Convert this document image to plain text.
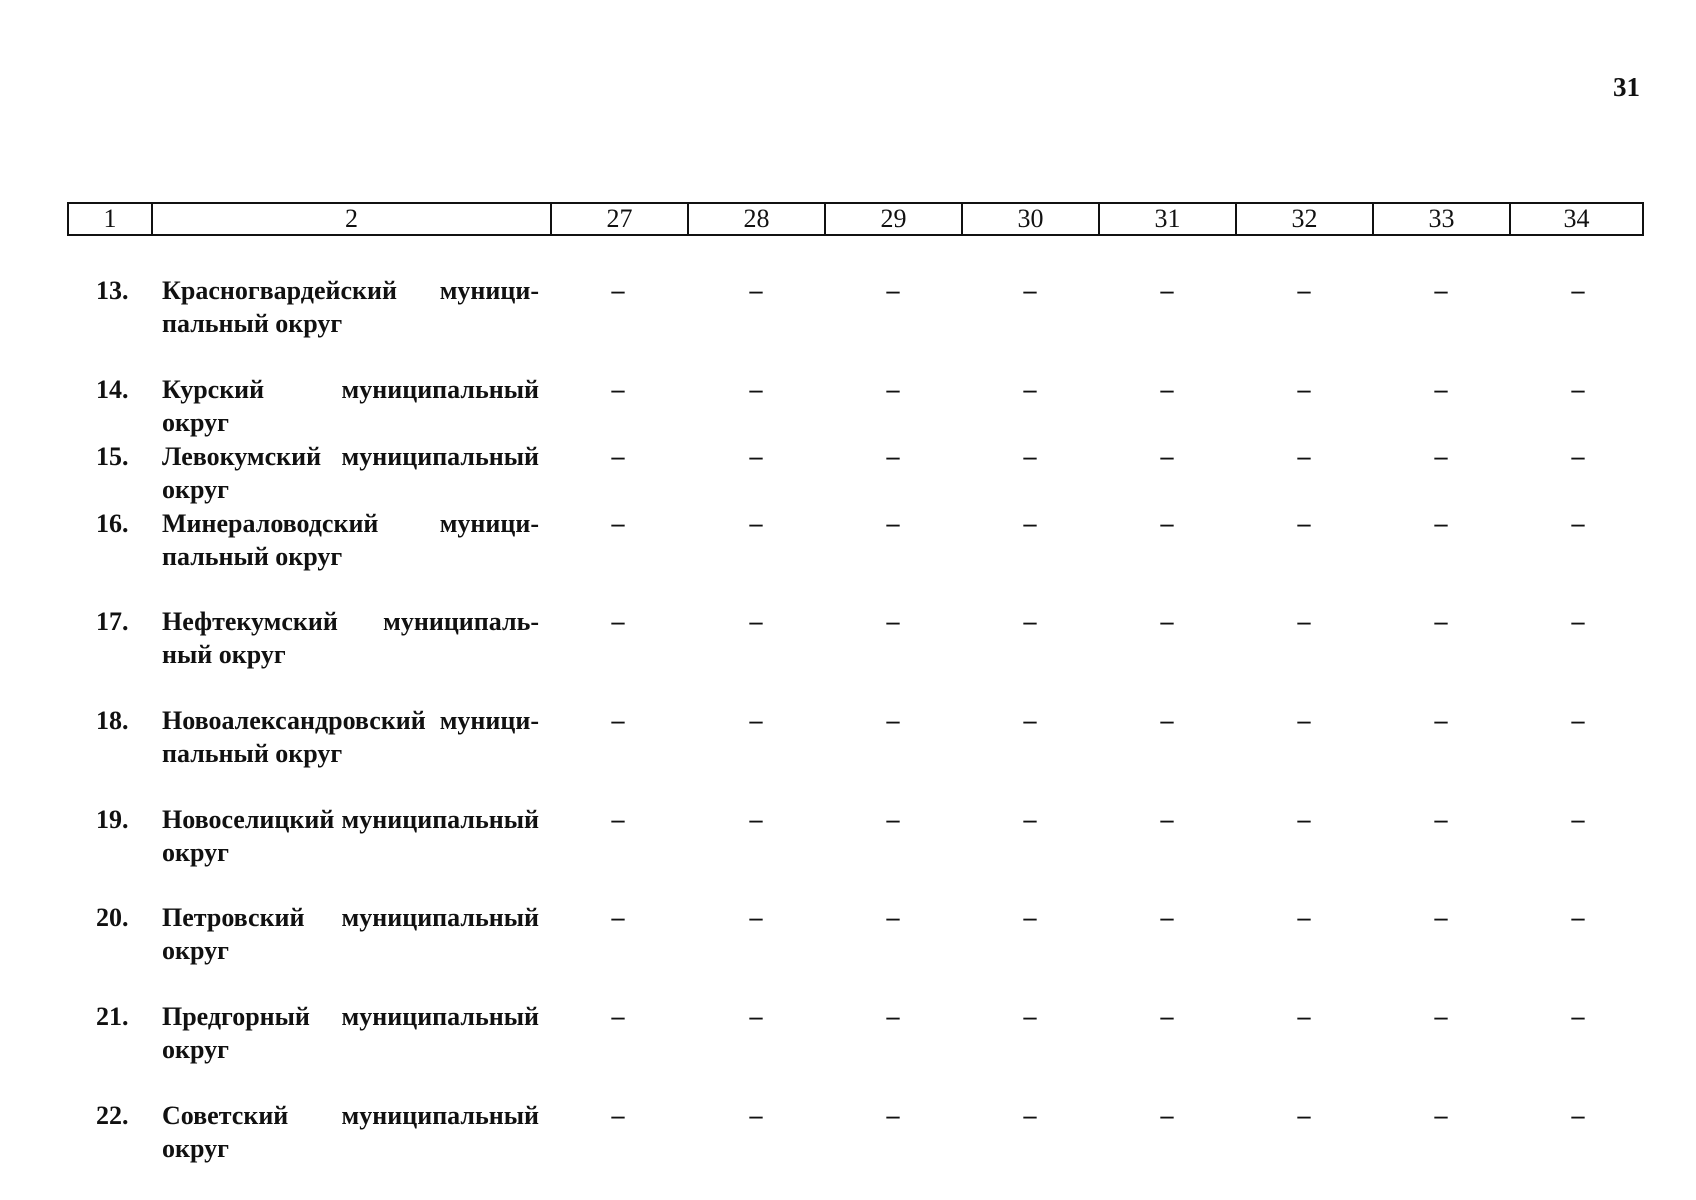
31
1	2	27	28	29	30	31	32	33	34
13. Красногвардейский муници-
пальный округ
–	–	–	–	–	–	–	–
14. Курский муниципальный округ
–	–	–	–	–	–	–	–
15. Левокумский муниципальный
округ
–	–	–	–	–	–	–	–
16. Минераловодский муници-
пальный округ
–	–	–	–	–	–	–	–
17. Нефтекумский муниципаль-
ный округ
–	–	–	–	–	–	–	–
18. Новоалександровский муници-
пальный округ
–	–	–	–	–	–	–	–
19. Новоселицкий муниципальный
округ
–	–	–	–	–	–	–	–
20. Петровский муниципальный
округ
–	–	–	–	–	–	–	–
21. Предгорный муниципальный
округ
–	–	–	–	–	–	–	–
22. Советский муниципальный
округ
–	–	–	–	–	–	–	–
